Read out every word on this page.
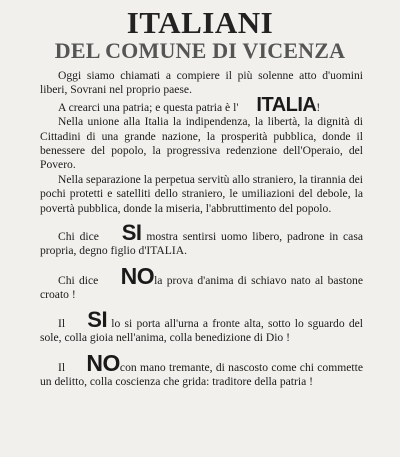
ITALIANI
DEL COMUNE DI VICENZA

Oggi siamo chiamati a compiere il più solenne atto d'uomini liberi, Sovrani nel proprio paese.

A crearci una patria; e questa patria è l' ITALIA!

Nella unione alla Italia la indipendenza, la libertà, la dignità di Cittadini di una grande nazione, la prosperità pubblica, donde il benessere del popolo, la progressiva redenzione dell'Operaio, del Povero.

Nella separazione la perpetua servitù allo straniero, la tirannia dei pochi protetti e satelliti dello straniero, le umiliazioni del debole, la povertà pubblica, donde la miseria, l'abbruttimento del popolo.

Chi dice SI mostra sentirsi uomo libero, padrone in casa propria, degno figlio d'ITALIA.

Chi dice NOla prova d'anima di schiavo nato al bastone croato !

Il SI lo si porta all'urna a fronte alta, sotto lo sguardo del sole, colla gioia nell'anima, colla benedizione di Dio !

Il NOcon mano tremante, di nascosto come chi commette un delitto, colla coscienza che grida: traditore della patria !
